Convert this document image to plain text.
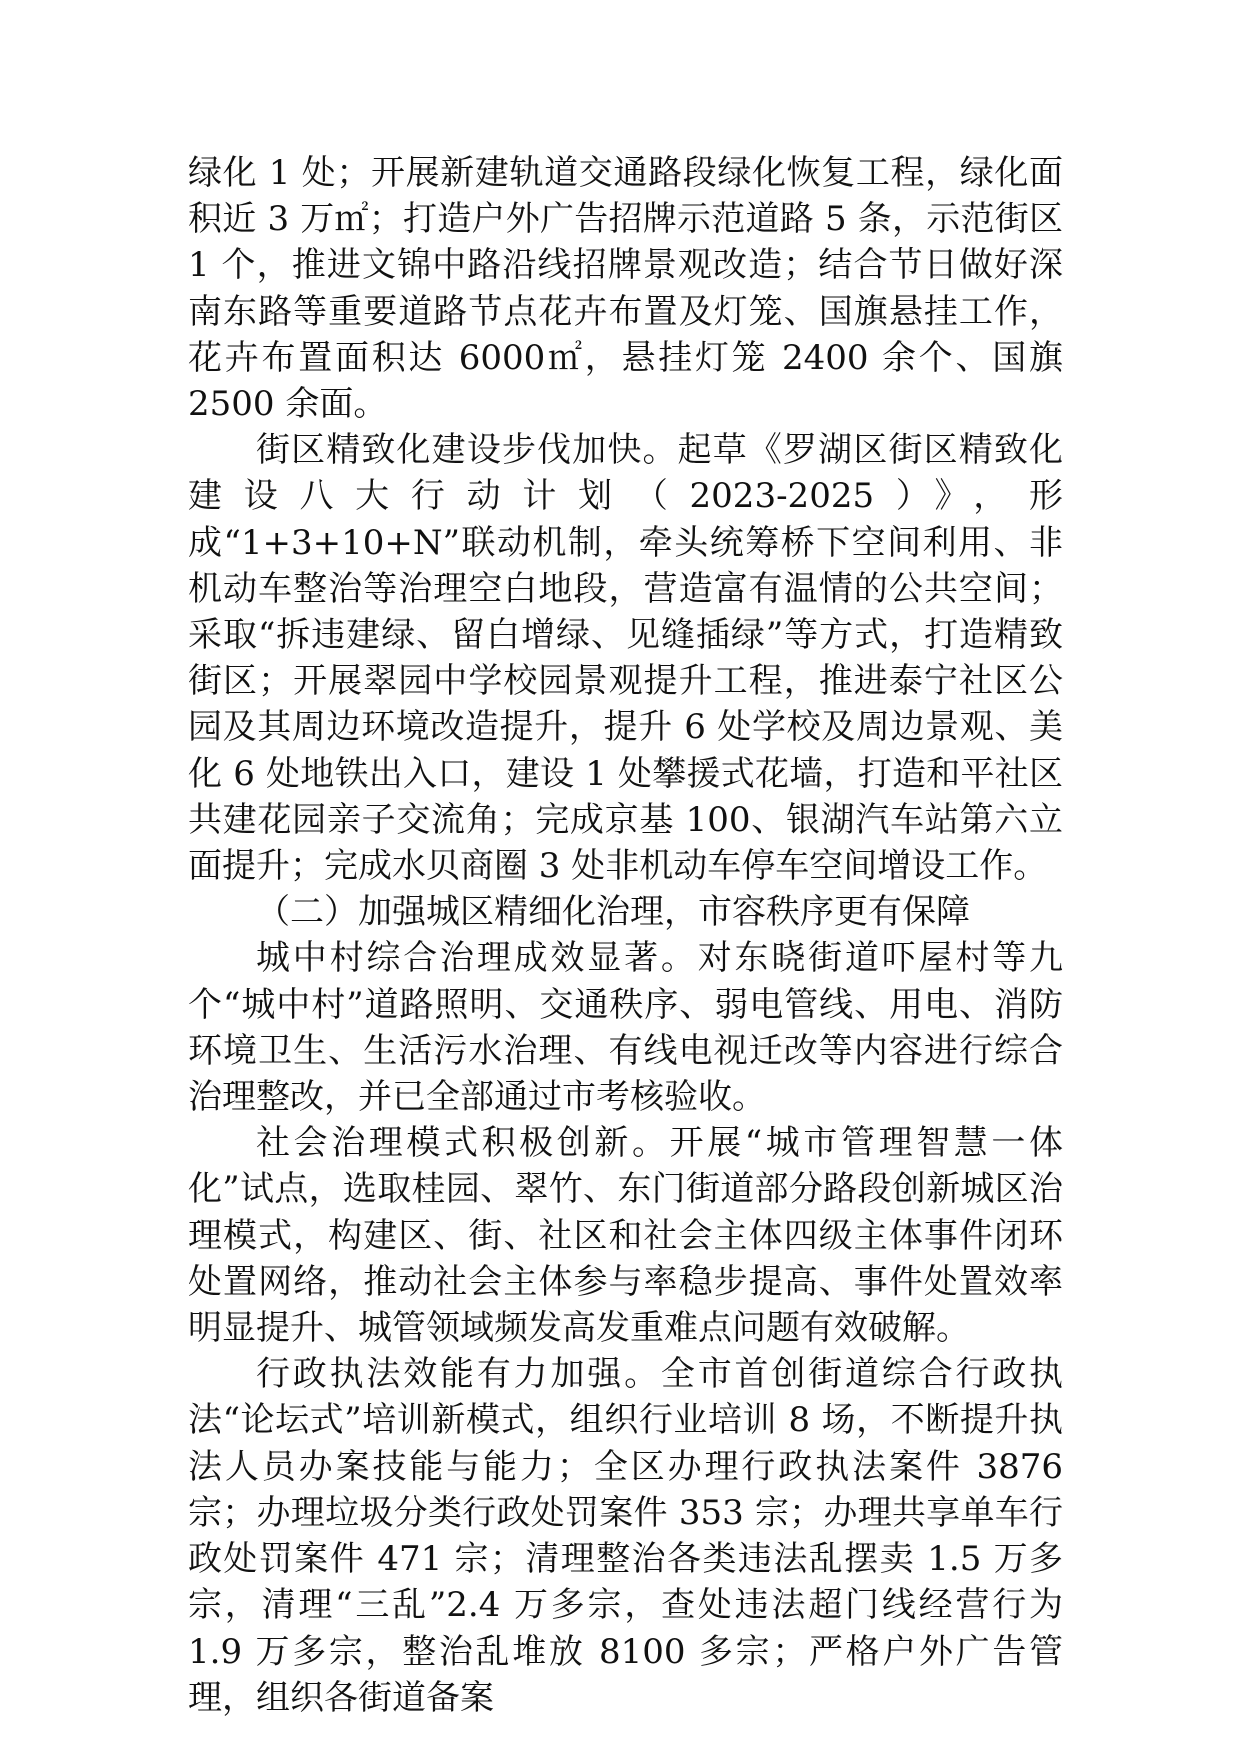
绿化 1 处；开展新建轨道交通路段绿化恢复工程，绿化面积近 3 万㎡；打造户外广告招牌示范道路 5 条，示范街区 1 个，推进文锦中路沿线招牌景观改造；结合节日做好深南东路等重要道路节点花卉布置及灯笼、国旗悬挂工作，花卉布置面积达 6000㎡，悬挂灯笼 2400 余个、国旗 2500 余面。

街区精致化建设步伐加快。起草《罗湖区街区精致化建设八大行动计划（2023-2025）》，形成“1+3+10+N”联动机制，牵头统筹桥下空间利用、非机动车整治等治理空白地段，营造富有温情的公共空间；采取“拆违建绿、留白增绿、见缝插绿”等方式，打造精致街区；开展翠园中学校园景观提升工程，推进泰宁社区公园及其周边环境改造提升，提升 6 处学校及周边景观、美化 6 处地铁出入口，建设 1 处攀援式花墙，打造和平社区共建花园亲子交流角；完成京基 100、银湖汽车站第六立面提升；完成水贝商圈 3 处非机动车停车空间增设工作。

（二）加强城区精细化治理，市容秩序更有保障

城中村综合治理成效显著。对东晓街道吓屋村等九个“城中村”道路照明、交通秩序、弱电管线、用电、消防环境卫生、生活污水治理、有线电视迁改等内容进行综合治理整改，并已全部通过市考核验收。

社会治理模式积极创新。开展“城市管理智慧一体化”试点，选取桂园、翠竹、东门街道部分路段创新城区治理模式，构建区、街、社区和社会主体四级主体事件闭环处置网络，推动社会主体参与率稳步提高、事件处置效率明显提升、城管领域频发高发重难点问题有效破解。

行政执法效能有力加强。全市首创街道综合行政执法“论坛式”培训新模式，组织行业培训 8 场，不断提升执法人员办案技能与能力；全区办理行政执法案件 3876 宗；办理垃圾分类行政处罚案件 353 宗；办理共享单车行政处罚案件 471 宗；清理整治各类违法乱摆卖 1.5 万多宗，清理“三乱”2.4 万多宗，查处违法超门线经营行为 1.9 万多宗，整治乱堆放 8100 多宗；严格户外广告管理，组织各街道备案
